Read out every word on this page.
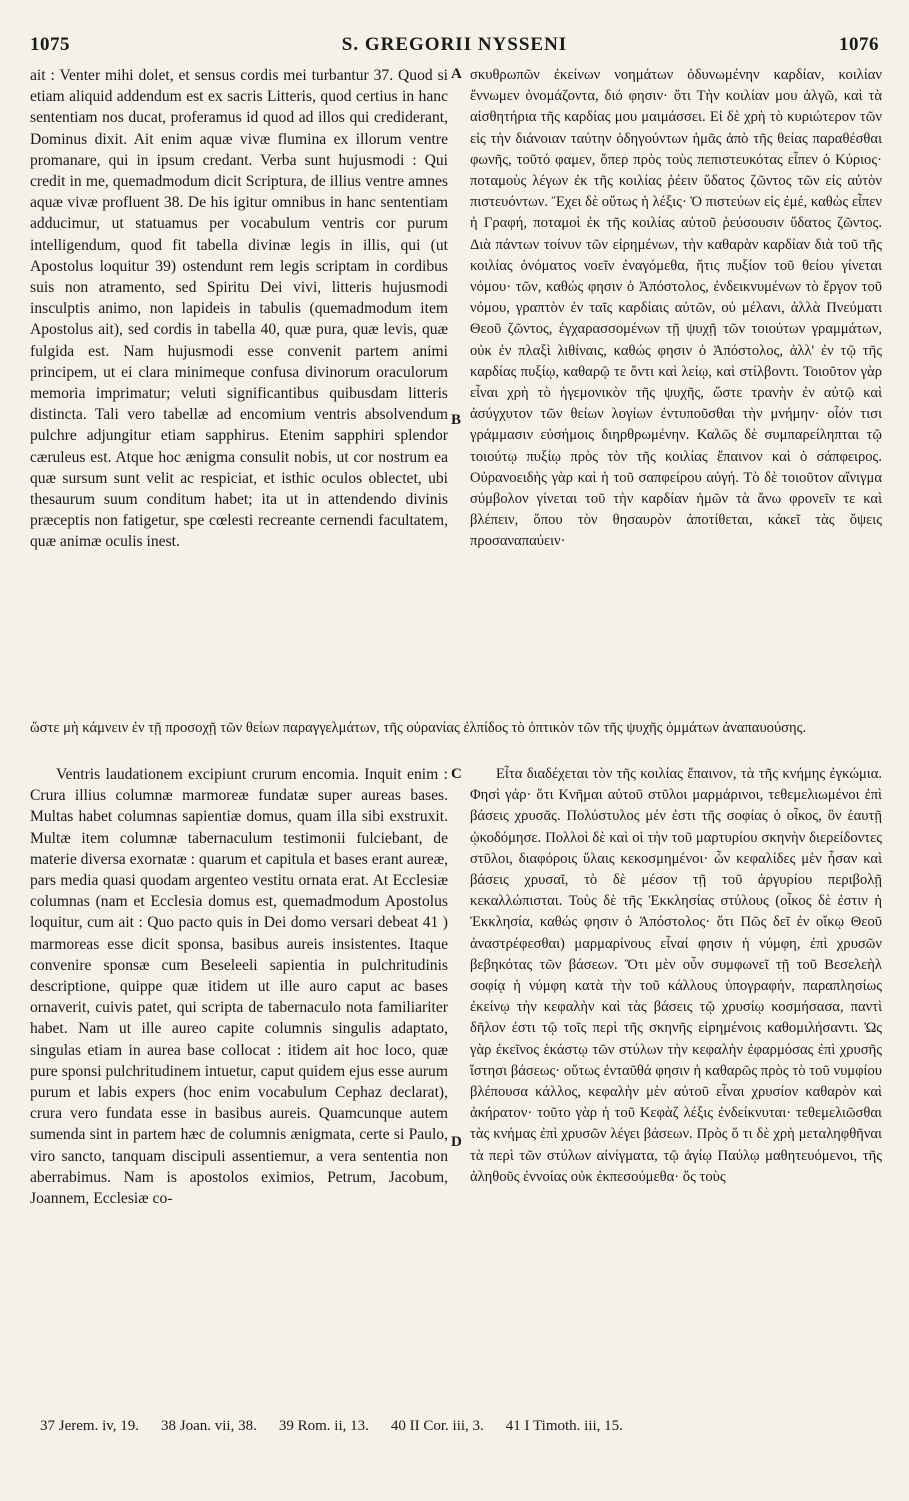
1075	S. GREGORII NYSSENI	1076

ait : Venter mihi dolet, et sensus cordis mei turbantur 37. Quod si etiam aliquid addendum est ex sacris Litteris, quod certius in hanc sententiam nos ducat, proferamus id quod ad illos qui crediderant, Dominus dixit. Ait enim aquæ vivæ flumina ex illorum ventre promanare, qui in ipsum credant. Verba sunt hujusmodi : Qui credit in me, quemadmodum dicit Scriptura, de illius ventre amnes aquæ vivæ profluent 38. De his igitur omnibus in hanc sententiam adducimur, ut statuamus per vocabulum ventris cor purum intelligendum, quod fit tabella divinæ legis in illis, qui (ut Apostolus loquitur 39) ostendunt rem legis scriptam in cordibus suis non atramento, sed Spiritu Dei vivi, litteris hujusmodi insculptis animo, non lapideis in tabulis (quemadmodum item Apostolus ait), sed cordis in tabella 40, quæ pura, quæ levis, quæ fulgida est. Nam hujusmodi esse convenit partem animi principem, ut ei clara minimeque confusa divinorum oraculorum memoria imprimatur; veluti significantibus quibusdam litteris distincta. Tali vero tabellæ ad encomium ventris absolvendum pulchre adjungitur etiam sapphirus. Etenim sapphiri splendor cæruleus est. Atque hoc ænigma consulit nobis, ut cor nostrum ea quæ sursum sunt velit ac respiciat, et isthic oculos oblectet, ubi thesaurum suum conditum habet; ita ut in attendendo divinis præceptis non fatigetur, spe cœlesti recreante cernendi facultatem, quæ animæ oculis inest.

A σκυθρωπῶν ἐκείνων νοημάτων ὀδυνωμένην καρδίαν, κοιλίαν ἔννωμεν ὀνομάζοντα, διό φησιν· ὅτι Τὴν κοιλίαν μου ἀλγῶ, καὶ τὰ αἰσθητήρια τῆς καρδίας μου μαιμάσσει. Εἰ δὲ χρὴ τὸ κυριώτερον τῶν εἰς τὴν διάνοιαν ταύτην ὁδηγούντων ἡμᾶς ἀπὸ τῆς θείας παραθέσθαι φωνῆς, τοῦτό φαμεν, ὅπερ πρὸς τοὺς πεπιστευκότας εἶπεν ὁ Κύριος· ποταμοὺς λέγων ἐκ τῆς κοιλίας ῥέειν ὕδατος ζῶντος τῶν εἰς αὐτὸν πιστευόντων. Ἔχει δὲ οὕτως ἡ λέξις· Ὁ πιστεύων εἰς ἐμέ, καθὼς εἶπεν ἡ Γραφή, ποταμοὶ ἐκ τῆς κοιλίας αὐτοῦ ῥεύσουσιν ὕδατος ζῶντος. Διὰ πάντων τοίνυν τῶν εἰρημένων, τὴν καθαρὰν καρδίαν διὰ τοῦ τῆς κοιλίας ὀνόματος νοεῖν ἐναγόμεθα, ἥτις πυξίον τοῦ θείου γίνεται νόμου· τῶν, καθώς φησιν ὁ Ἀπόστολος, ἐνδεικνυμένων τὸ ἔργον τοῦ νόμου, γραπτὸν ἐν ταῖς καρδίαις αὐτῶν, οὐ μέλανι, ἀλλὰ Πνεύματι Θεοῦ ζῶντος, ἐγχαρασσομένων τῇ ψυχῇ τῶν τοιούτων γραμμάτων, οὐκ ἐν πλαξὶ λιθίναις, καθώς φησιν ὁ Ἀπόστολος, ἀλλ' ἐν τῷ τῆς καρδίας πυξίῳ, καθαρῷ τε ὄντι καὶ λείῳ, καὶ στίλβοντι. Τοιοῦτον γὰρ εἶναι χρὴ τὸ ἡγεμονικὸν τῆς ψυχῆς, ὥστε τρανὴν ἐν αὐτῷ καὶ ἀσύγχυτον τῶν θείων λογίων ἐντυποῦσθαι τὴν μνήμην· οἷόν τισι γράμμασιν εὐσήμοις διηρθρωμένην. Καλῶς δὲ συμπαρείληπται τῷ τοιούτῳ πυξίῳ πρὸς τὸν τῆς κοιλίας ἔπαινον καὶ ὁ σάπφειρος. Οὐρανοειδὴς γὰρ καὶ ἡ τοῦ σαπφείρου αὐγή. Τὸ δὲ τοιοῦτον αἴνιγμα σύμβολον γίνεται τοῦ τὴν καρδίαν ἡμῶν τὰ ἄνω φρονεῖν τε καὶ βλέπειν, ὅπου τὸν θησαυρὸν ἀποτίθεται, κἀκεῖ τὰς ὄψεις προσαναπαύειν·

B
ὥστε μὴ κάμνειν ἐν τῇ προσοχῇ τῶν θείων παραγγελμάτων, τῆς οὐρανίας ἐλπίδος τὸ ὀπτικὸν τῶν τῆς ψυχῆς ὀμμάτων ἀναπαυούσης.

Ventris laudationem excipiunt crurum encomia. Inquit enim : Crura illius columnæ marmoreæ fundatæ super aureas bases. Multas habet columnas sapientiæ domus, quam illa sibi exstruxit. Multæ item columnæ tabernaculum testimonii fulciebant, de materie diversa exornatæ : quarum et capitula et bases erant aureæ, pars media quasi quodam argenteo vestitu ornata erat. At Ecclesiæ columnas (nam et Ecclesia domus est, quemadmodum Apostolus loquitur, cum ait : Quo pacto quis in Dei domo versari debeat 41 ) marmoreas esse dicit sponsa, basibus aureis insistentes. Itaque convenire sponsæ cum Beseleeli sapientia in pulchritudinis descriptione, quippe quæ itidem ut ille auro caput ac bases ornaverit, cuivis patet, qui scripta de tabernaculo nota familiariter habet. Nam ut ille aureo capite columnis singulis adaptato, singulas etiam in aurea base collocat : itidem ait hoc loco, quæ pure sponsi pulchritudinem intuetur, caput quidem ejus esse aurum purum et labis expers (hoc enim vocabulum Cephaz declarat), crura vero fundata esse in basibus aureis. Quamcunque autem sumenda sint in partem hæc de columnis ænigmata, certe si Paulo, viro sancto, tanquam discipuli assentiemur, a vera sententia non aberrabimus. Nam is apostolos eximios, Petrum, Jacobum, Joannem, Ecclesiæ co-

C	Εἶτα διαδέχεται τὸν τῆς κοιλίας ἔπαινον, τὰ τῆς κνήμης ἐγκώμια. Φησὶ γάρ· ὅτι Κνῆμαι αὐτοῦ στῦλοι μαρμάρινοι, τεθεμελιωμένοι ἐπὶ βάσεις χρυσᾶς. Πολύστυλος μέν ἐστι τῆς σοφίας ὁ οἶκος, ὃν ἑαυτῇ ᾠκοδόμησε. Πολλοὶ δὲ καὶ οἱ τὴν τοῦ μαρτυρίου σκηνὴν διερείδοντες στῦλοι, διαφόροις ὕλαις κεκοσμημένοι· ὧν κεφαλίδες μὲν ἦσαν καὶ βάσεις χρυσαῖ, τὸ δὲ μέσον τῇ τοῦ ἀργυρίου περιβολῇ κεκαλλώπισται. Τοὺς δὲ τῆς Ἐκκλησίας στύλους (οἶκος δὲ ἐστιν ἡ Ἐκκλησία, καθώς φησιν ὁ Ἀπόστολος· ὅτι Πῶς δεῖ ἐν οἴκῳ Θεοῦ ἀναστρέφεσθαι) μαρμαρίνους εἶναί φησιν ἡ νύμφη, ἐπὶ χρυσῶν βεβηκότας τῶν βάσεων. Ὅτι μὲν οὖν συμφωνεῖ τῇ τοῦ Βεσελεὴλ σοφίᾳ ἡ νύμφη κατὰ τὴν τοῦ κάλλους ὑπογραφήν, παραπλησίως ἐκείνῳ τὴν κεφαλὴν καὶ τὰς βάσεις τῷ χρυσίῳ κοσμήσασα, παντὶ δῆλον ἐστι τῷ τοῖς περὶ τῆς σκηνῆς εἰρημένοις καθομιλήσαντι. Ὡς γὰρ ἐκεῖνος ἑκάστῳ τῶν στύλων τὴν κεφαλὴν ἐφαρμόσας ἐπὶ χρυσῆς ἵστησι βάσεως· οὕτως ἐνταῦθά φησιν ἡ καθαρῶς πρὸς τὸ τοῦ νυμφίου βλέπουσα κάλλος, κεφαλὴν μὲν αὐτοῦ εἶναι χρυσίον καθαρὸν καὶ ἀκήρατον· τοῦτο γὰρ ἡ τοῦ Κεφὰζ λέξις ἐνδείκνυται· τεθεμελιῶσθαι τὰς κνήμας ἐπὶ χρυσῶν λέγει βάσεων. Πρὸς ὅ τι δὲ χρὴ μεταληφθῆναι τὰ περὶ τῶν στύλων αἰνίγματα, τῷ ἁγίῳ Παύλῳ μαθητευόμενοι, τῆς ἀληθοῦς ἐννοίας οὐκ ἐκπεσούμεθα· ὅς τοὺς

D
37 Jerem. iv, 19. 38 Joan. vii, 38. 39 Rom. ii, 13. 40 II Cor. iii, 3. 41 I Timoth. iii, 15.
